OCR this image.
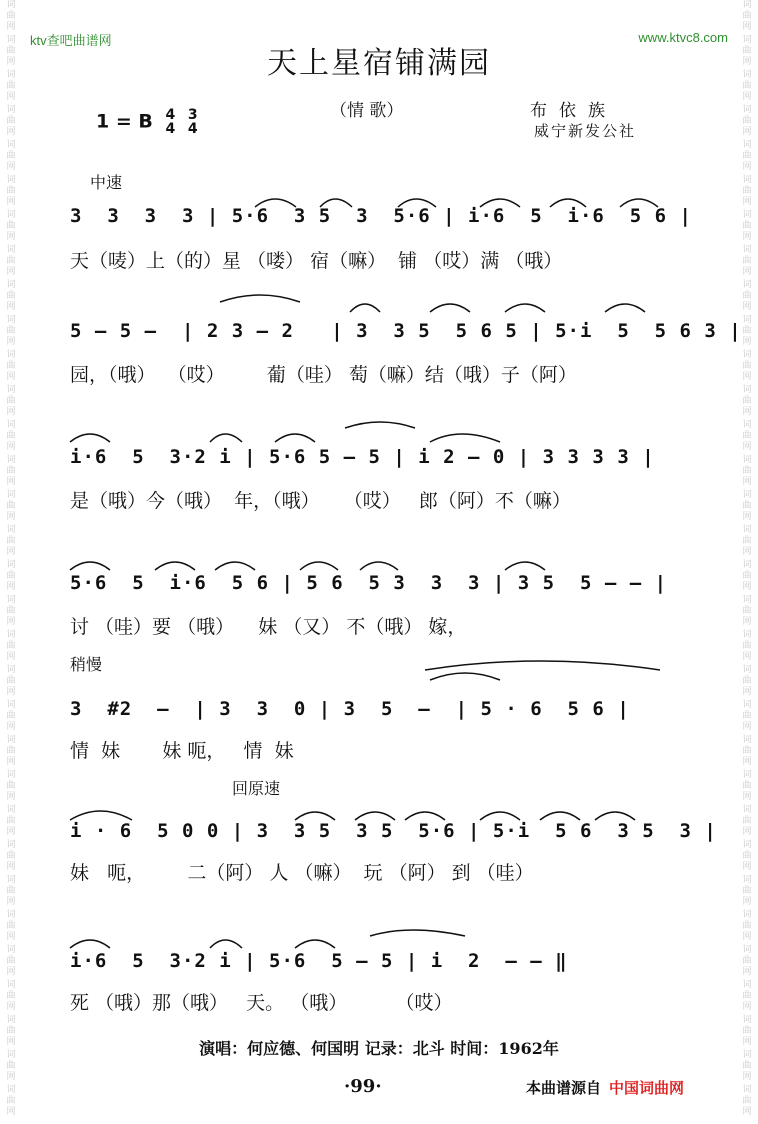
词
曲
网
词
曲
网
词
曲
网
词
曲
网
词
曲
网
词
曲
网
词
曲
网
词
曲
网
词
曲
网
词
曲
网
词
曲
网
词
曲
网
词
曲
网
词
曲
网
词
曲
网
词
曲
网
词
曲
网
词
曲
网
词
曲
网
词
曲
网
词
曲
网
词
曲
网
词
曲
网
词
曲
网
词
曲
网
词
曲
网
词
曲
网
词
曲
网
词
曲
网
词
曲
网
词
曲
网
词
曲
网
词
曲
网
词
曲
网
词
曲
网
词
曲
网
词
曲
网
词
曲
网
词
曲
网
词
曲
网
词
曲
网
词
曲
网
词
曲
网
词
曲
网
词
曲
网
词
曲
网
词
曲
网
词
曲
网
词
曲
网
词
曲
网
词
曲
网
词
曲
网
词
曲
网
词
曲
网
词
曲
网
词
曲
网
词
曲
网
词
曲
网
词
曲
网
词
曲
网
词
曲
网
词
曲
网
词
曲
网
词
曲
网
ktv查吧曲谱网	www.ktvc8.com
天上星宿铺满园
1 = B 4
4

3
4
（情 歌）	布依族
威宁新发公社
中速
稍慢
回原速
3  3  3  3 | 5·6  3 5  3  5·6 | i·6  5  i·6  5 6 |
天（唛）上（的）星 （喽） 宿（嘛）  铺 （哎）满 （哦）
5 – 5 –  | 2 3 – 2   | 3  3 5  5 6 5 | 5·i  5  5 6 3 |
园，（哦）  （哎）       葡（哇） 萄（嘛）结（哦）子（阿）
i·6  5  3·2 i | 5·6 5 – 5 | i 2 – 0 | 3 3 3 3 |
是（哦）今（哦）  年，（哦）    （哎）   郎（阿）不（嘛）
5·6  5  i·6  5 6 | 5 6  5 3  3  3 | 3 5  5 – – |
讨 （哇）要 （哦）    妹 （又） 不（哦） 嫁，
3  #2  –  | 3  3  0 | 3  5  –  | 5 · 6  5 6 |
情  妹       妹 呃，   情  妹
i · 6  5 0 0 | 3  3 5  3 5  5·6 | 5·i  5 6  3 5  3 |
妹   呃，       二（阿） 人 （嘛）  玩 （阿） 到 （哇）
i·6  5  3·2 i | 5·6  5 – 5 | i  2  – – ‖
死 （哦）那（哦）   天。 （哦）        （哎）
演唱：何应德、何国明 记录：北斗 时间：1962年
·99·	本曲谱源自 中国词曲网
